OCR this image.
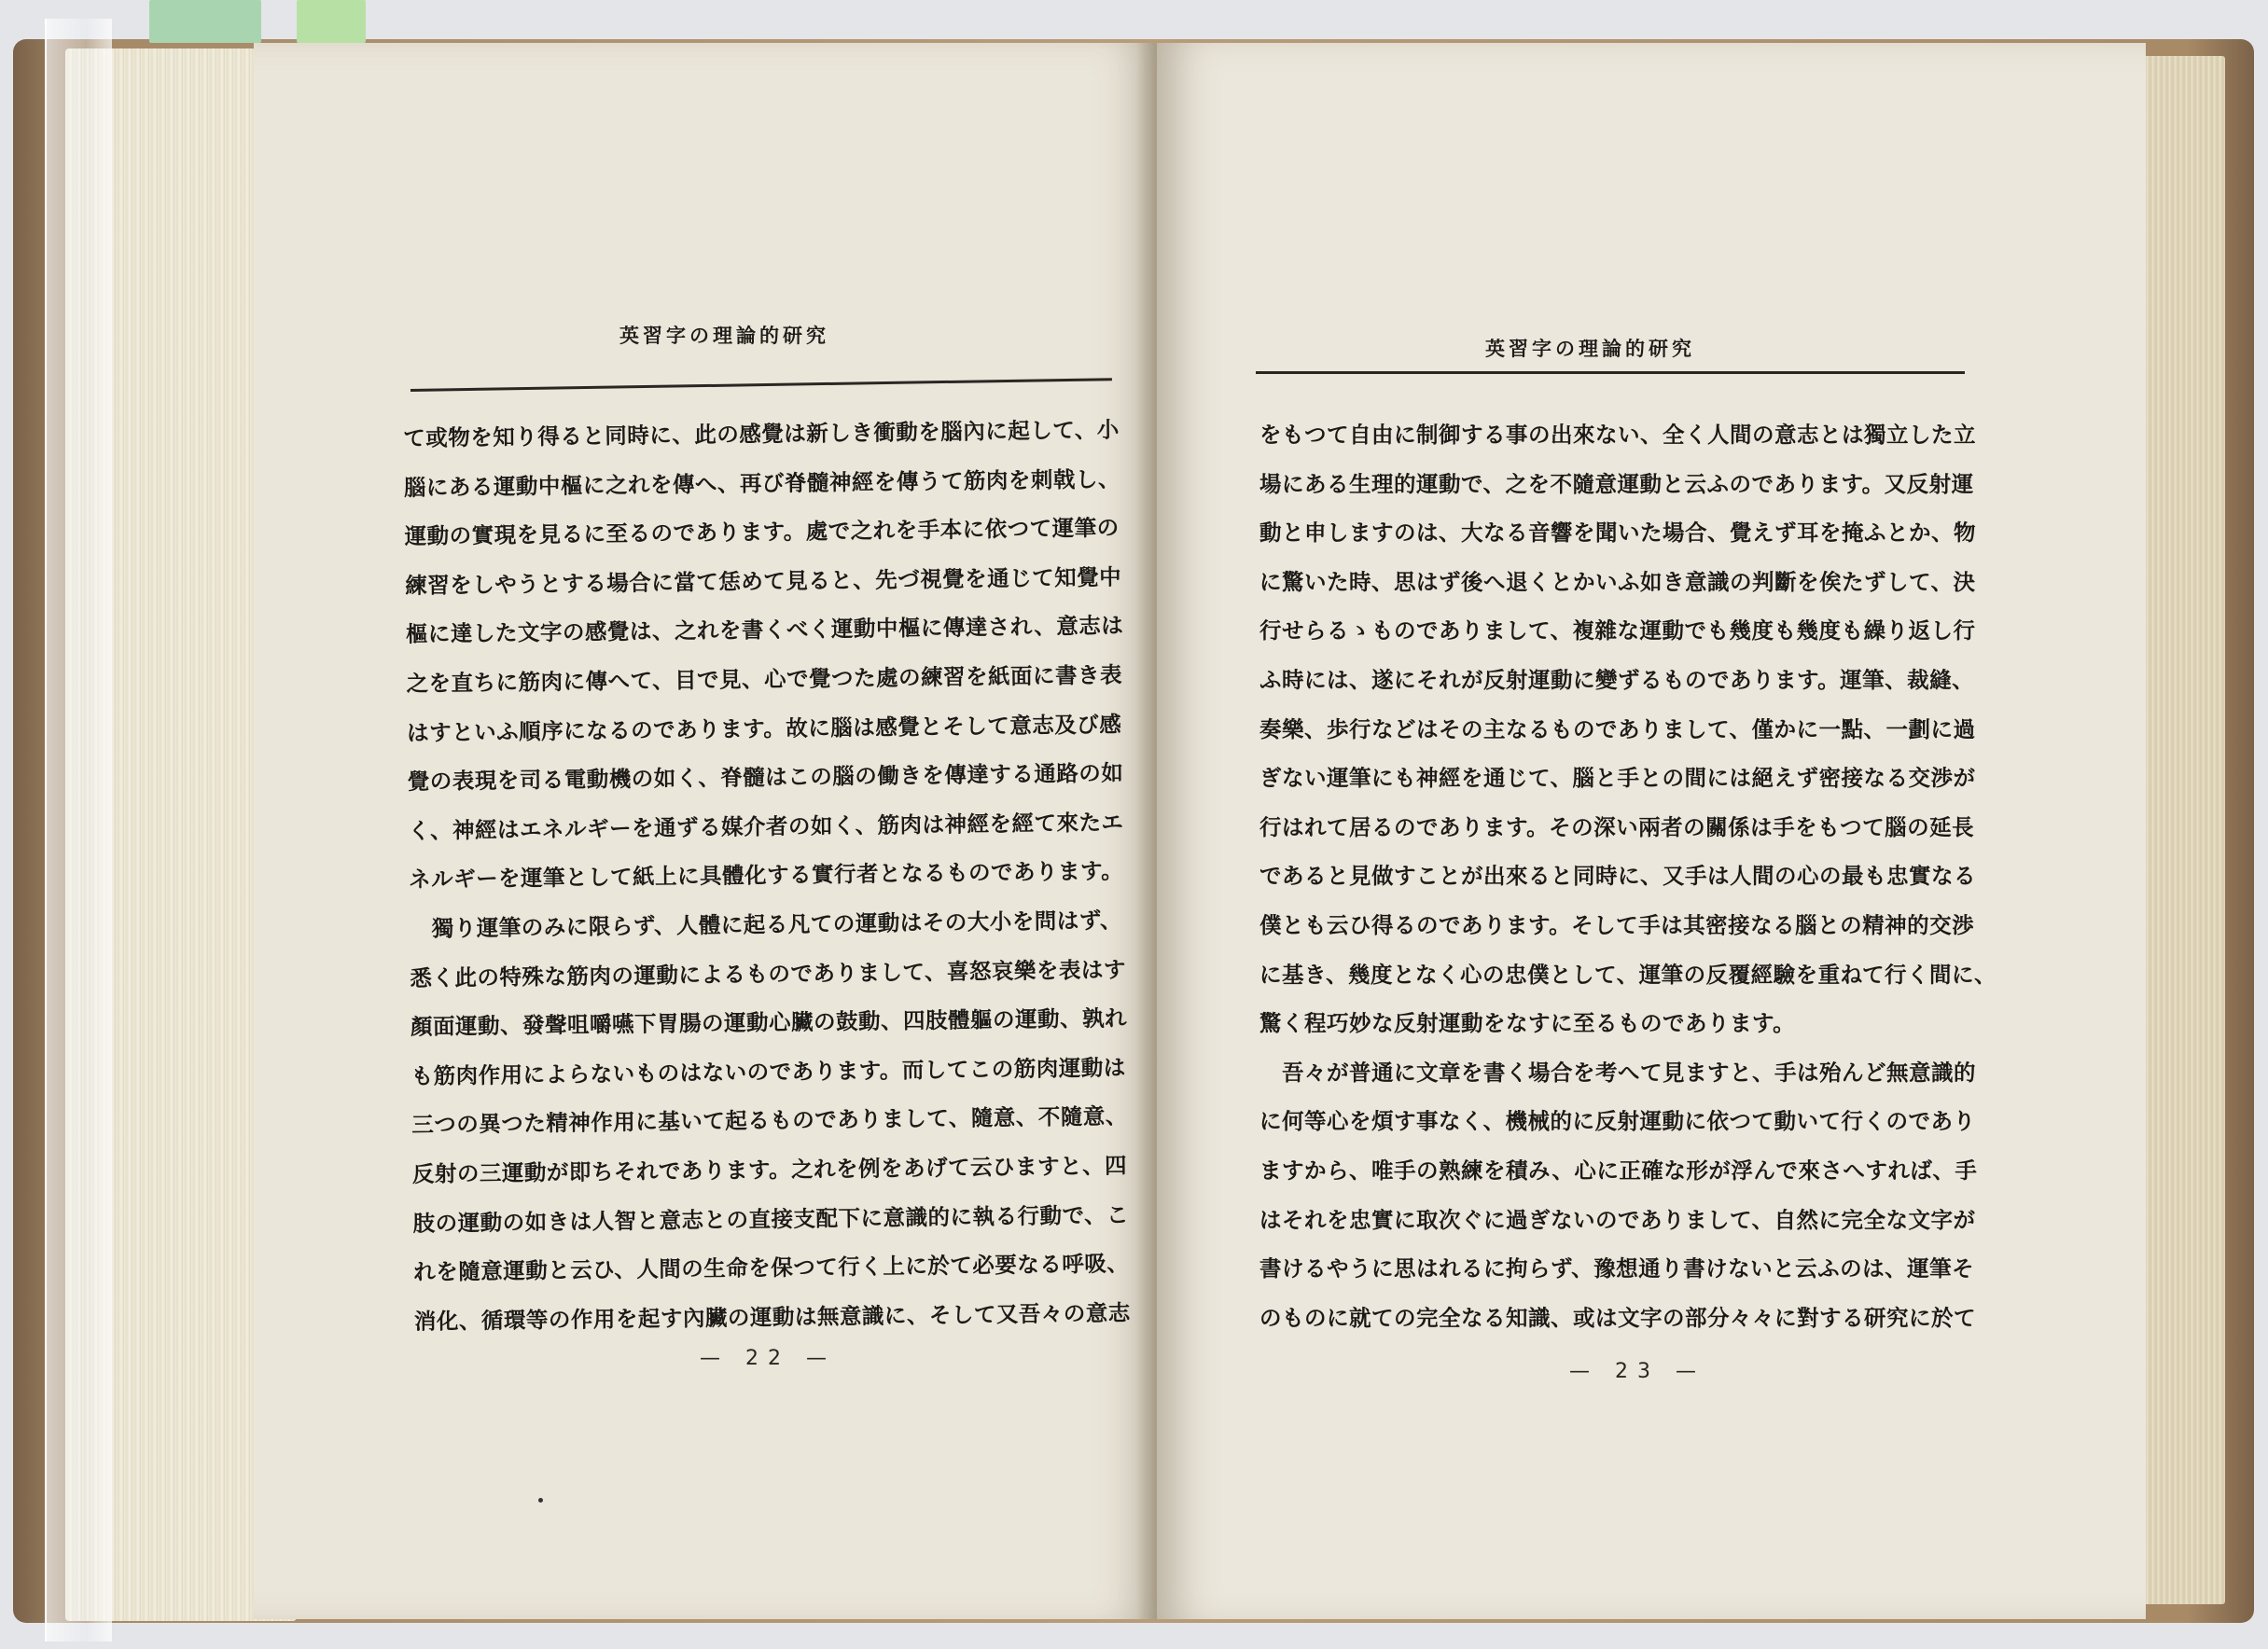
英習字の理論的研究
て或物を知り得ると同時に、此の感覺は新しき衝動を腦內に起して、小
腦にある運動中樞に之れを傳へ、再び脊髓神經を傳うて筋肉を刺戟し、
運動の實現を見るに至るのであります。處で之れを手本に依つて運筆の
練習をしやうとする場合に當て恁めて見ると、先づ視覺を通じて知覺中
樞に達した文字の感覺は、之れを書くべく運動中樞に傳達され、意志は
之を直ちに筋肉に傳へて、目で見、心で覺つた處の練習を紙面に書き表
はすといふ順序になるのであります。故に腦は感覺とそして意志及び感
覺の表現を司る電動機の如く、脊髓はこの腦の働きを傳達する通路の如
く、神經はエネルギーを通ずる媒介者の如く、筋肉は神經を經て來たエ
ネルギーを運筆として紙上に具體化する實行者となるものであります。
　獨り運筆のみに限らず、人體に起る凡ての運動はその大小を問はず、
悉く此の特殊な筋肉の運動によるものでありまして、喜怒哀樂を表はす
顏面運動、發聲咀嚼嚥下胃腸の運動心臟の鼓動、四肢體軀の運動、孰れ
も筋肉作用によらないものはないのであります。而してこの筋肉運動は
三つの異つた精神作用に基いて起るものでありまして、隨意、不隨意、
反射の三運動が即ちそれであります。之れを例をあげて云ひますと、四
肢の運動の如きは人智と意志との直接支配下に意識的に執る行動で、こ
れを隨意運動と云ひ、人間の生命を保つて行く上に於て必要なる呼吸、
消化、循環等の作用を起す內臟の運動は無意識に、そして又吾々の意志
— 22 —
英習字の理論的研究
をもつて自由に制御する事の出來ない、全く人間の意志とは獨立した立
場にある生理的運動で、之を不隨意運動と云ふのであります。又反射運
動と申しますのは、大なる音響を聞いた場合、覺えず耳を掩ふとか、物
に驚いた時、思はず後へ退くとかいふ如き意識の判斷を俟たずして、決
行せらるゝものでありまして、複雜な運動でも幾度も幾度も繰り返し行
ふ時には、遂にそれが反射運動に變ずるものであります。運筆、裁縫、
奏樂、歩行などはその主なるものでありまして、僅かに一點、一劃に過
ぎない運筆にも神經を通じて、腦と手との間には絕えず密接なる交渉が
行はれて居るのであります。その深い兩者の關係は手をもつて腦の延長
であると見做すことが出來ると同時に、又手は人間の心の最も忠實なる
僕とも云ひ得るのであります。そして手は其密接なる腦との精神的交渉
に基き、幾度となく心の忠僕として、運筆の反覆經驗を重ねて行く間に、
驚く程巧妙な反射運動をなすに至るものであります。
　吾々が普通に文章を書く場合を考へて見ますと、手は殆んど無意識的
に何等心を煩す事なく、機械的に反射運動に依つて動いて行くのであり
ますから、唯手の熟練を積み、心に正確な形が浮んで來さへすれば、手
はそれを忠實に取次ぐに過ぎないのでありまして、自然に完全な文字が
書けるやうに思はれるに拘らず、豫想通り書けないと云ふのは、運筆そ
のものに就ての完全なる知識、或は文字の部分々々に對する研究に於て
— 23 —
